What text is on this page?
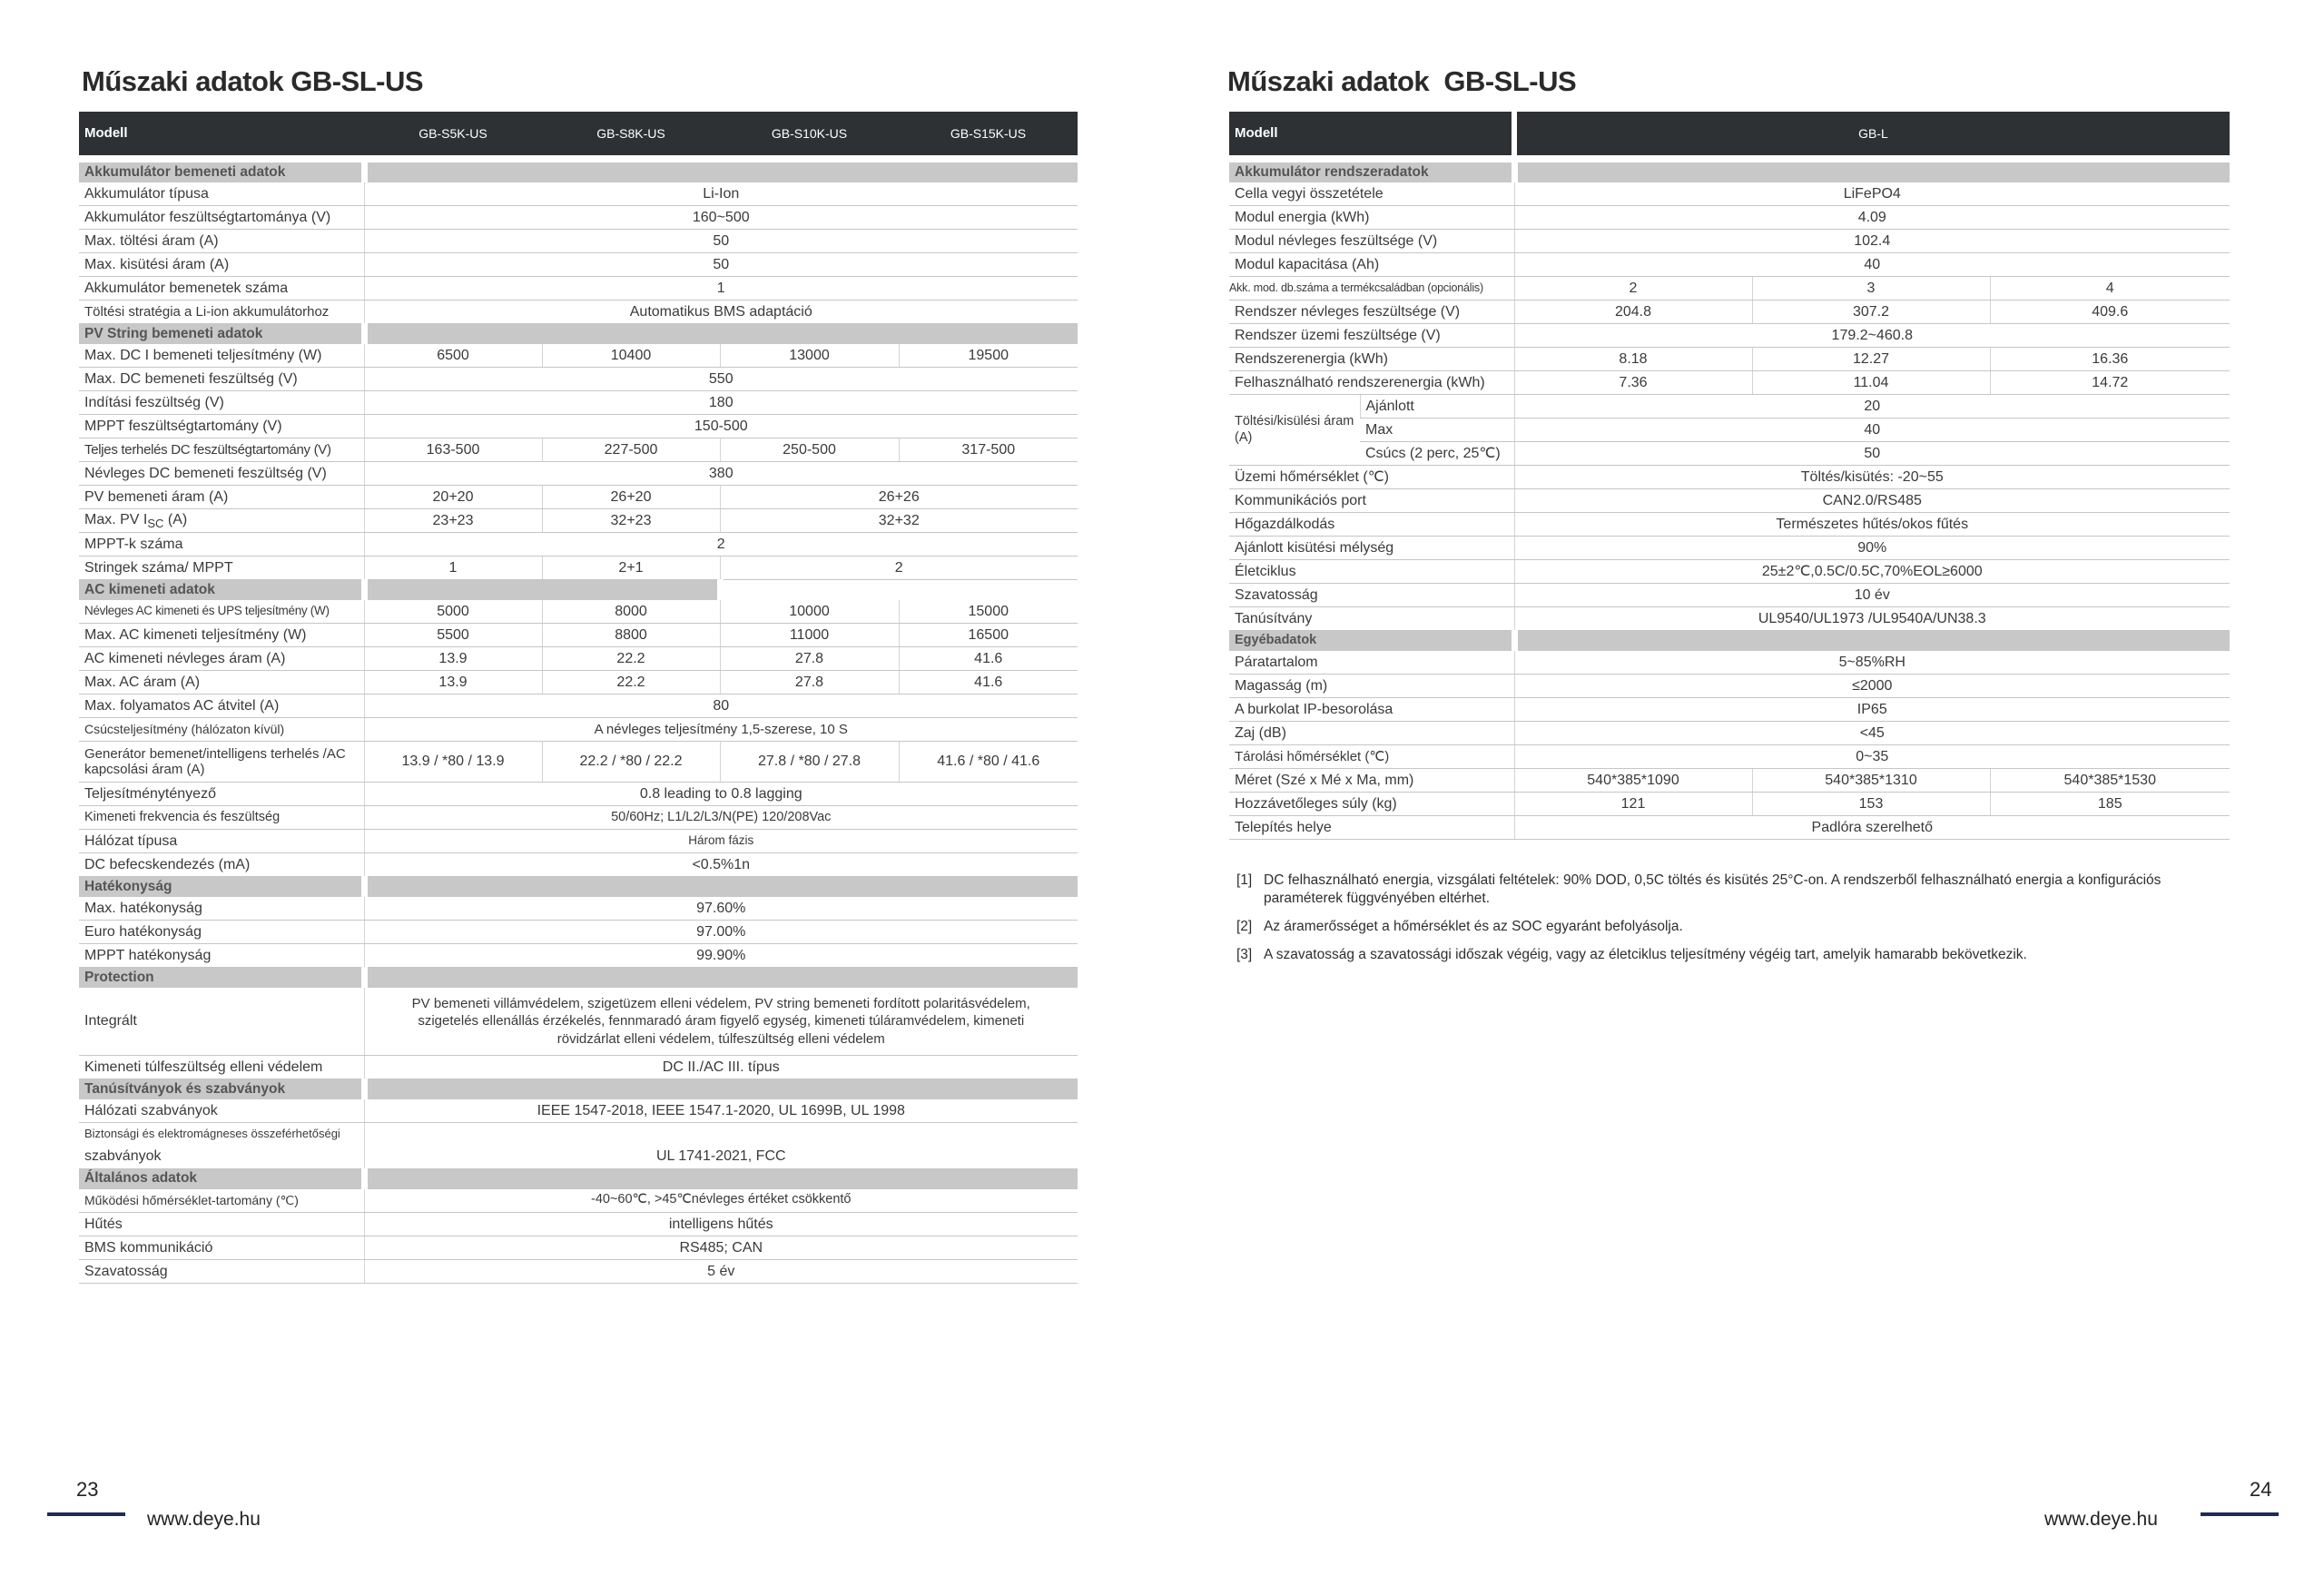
Műszaki adatok GB-SL-US
Modell	GB-S5K-US	GB-S8K-US	GB-S10K-US	GB-S15K-US

Akkumulátor bemeneti adatok				
Akkumulátor típusa	Li-Ion			
Akkumulátor feszültségtartománya (V)	160~500			
Max. töltési áram (A)	50			
Max. kisütési áram (A)	50			
Akkumulátor bemenetek száma	1			
Töltési stratégia a Li-ion akkumulátorhoz	Automatikus BMS adaptáció			
PV String bemeneti adatok				
Max. DC I bemeneti teljesítmény (W)	6500	10400	13000	19500
Max. DC bemeneti feszültség (V)	550			
Indítási feszültség (V)	180			
MPPT feszültségtartomány (V)	150-500			
Teljes terhelés DC feszültségtartomány (V)	163-500	227-500	250-500	317-500
Névleges DC bemeneti feszültség (V)	380			
PV bemeneti áram (A)	20+20	26+20	26+26	
Max. PV $I_{SC}$ (A)	23+23	32+23	32+32	
MPPT-k száma	2			
Stringek száma/ MPPT	1	2+1	2	
AC kimeneti adatok				
Névleges AC kimeneti és UPS teljesítmény (W)	5000	8000	10000	15000
Max. AC kimeneti teljesítmény (W)	5500	8800	11000	16500
AC kimeneti névleges áram (A)	13.9	22.2	27.8	41.6
Max. AC áram (A)	13.9	22.2	27.8	41.6
Max. folyamatos AC átvitel (A)	80			
Csúcsteljesítmény (hálózaton kívül)	A névleges teljesítmény 1,5-szerese, 10 S			
Generátor bemenet/intelligens terhelés /AC kapcsolási áram (A)	13.9 / *80 / 13.9	22.2 / *80 / 22.2	27.8 / *80 / 27.8	41.6 / *80 / 41.6
Teljesítménytényező	0.8 leading to 0.8 lagging			
Kimeneti frekvencia és feszültség	50/60Hz; L1/L2/L3/N(PE) 120/208Vac			
Hálózat típusa	Három fázis			
DC befecskendezés (mA)	<0.5%1n			
Hatékonyság				
Max. hatékonyság	97.60%			
Euro hatékonyság	97.00%			
MPPT hatékonyság	99.90%			
Protection				
Integrált	PV bemeneti villámvédelem, szigetüzem elleni védelem, PV string bemeneti fordított polaritásvédelem, szigetelés ellenállás érzékelés, fennmaradó áram figyelő egység, kimeneti túláramvédelem, kimeneti rövidzárlat elleni védelem, túlfeszültség elleni védelem			
Kimeneti túlfeszültség elleni védelem	DC II./AC III. típus			
Tanúsítványok és szabványok				
Hálózati szabványok	IEEE 1547-2018, IEEE 1547.1-2020, UL 1699B, UL 1998			
Biztonsági és elektromágneses összeférhetőségi
szabványok	UL 1741-2021, FCC			
Általános adatok				
Működési hőmérséklet-tartomány (℃)	-40~60℃, >45℃névleges értéket csökkentő			
Hűtés	intelligens hűtés			
BMS kommunikáció	RS485; CAN			
Szavatosság	5 év			
23
www.deye.hu
Műszaki adatok GB-SL-US
Modell		GB-L		

Akkumulátor rendszeradatok				
Cella vegyi összetétele		LiFePO4		
Modul energia (kWh)		4.09		
Modul névleges feszültsége (V)		102.4		
Modul kapacitása (Ah)		40		
Akk. mod. db.száma a termékcsaládban (opcionális)		2	3	4
Rendszer névleges feszültsége (V)		204.8	307.2	409.6
Rendszer üzemi feszültsége (V)		179.2~460.8		
Rendszerenergia (kWh)		8.18	12.27	16.36
Felhasználható rendszerenergia (kWh)		7.36	11.04	14.72
Töltési/kisülési áram (A)	Ajánlott	20		
	Max	40		
	Csúcs (2 perc, 25℃)	50		
Üzemi hőmérséklet (℃)		Töltés/kisütés: -20~55		
Kommunikációs port		CAN2.0/RS485		
Hőgazdálkodás		Természetes hűtés/okos fűtés		
Ajánlott kisütési mélység		90%		
Életciklus		25±2℃,0.5C/0.5C,70%EOL≥6000		
Szavatosság		10 év		
Tanúsítvány		UL9540/UL1973 /UL9540A/UN38.3		
Egyébadatok				
Páratartalom		5~85%RH		
Magasság (m)		≤2000		
A burkolat IP-besorolása		IP65		
Zaj (dB)		<45		
Tárolási hőmérséklet (℃)		0~35		
Méret (Szé x Mé x Ma, mm)		540*385*1090	540*385*1310	540*385*1530
Hozzávetőleges súly (kg)		121	153	185
Telepítés helye		Padlóra szerelhető		
24
www.deye.hu

[1] DC felhasználható energia, vizsgálati feltételek: 90% DOD, 0,5C töltés és kisütés 25°C-on. A rendszerből felhasználható energia a konfigurációs paraméterek függvényében eltérhet.

[2] Az áramerősséget a hőmérséklet és az SOC egyaránt befolyásolja.

[3] A szavatosság a szavatossági időszak végéig, vagy az életciklus teljesítmény végéig tart, amelyik hamarabb bekövetkezik.
